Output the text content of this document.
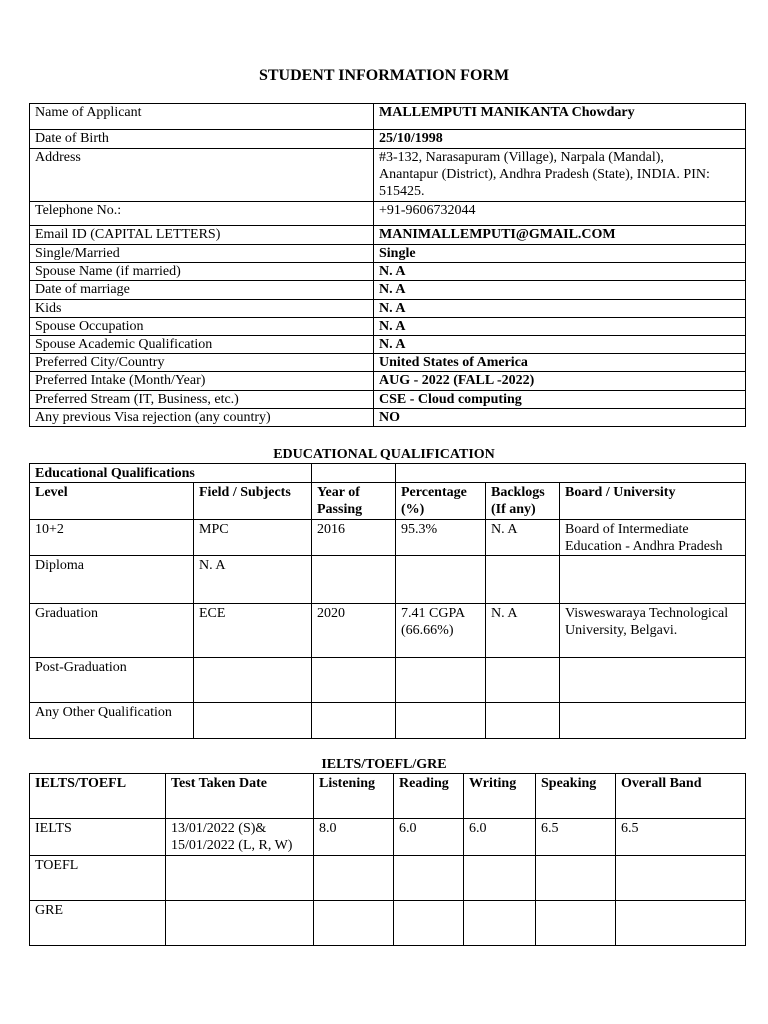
STUDENT INFORMATION FORM
Name of Applicant	MALLEMPUTI MANIKANTA Chowdary
Date of Birth	25/10/1998
Address	#3-132, Narasapuram (Village), Narpala (Mandal), Anantapur (District), Andhra Pradesh (State), INDIA. PIN: 515425.
Telephone No.:	+91-9606732044
Email ID (CAPITAL LETTERS)	MANIMALLEMPUTI@GMAIL.COM
Single/Married	Single
Spouse Name (if married)	N. A
Date of marriage	N. A
Kids	N. A
Spouse Occupation	N. A
Spouse Academic Qualification	N. A
Preferred City/Country	United States of America
Preferred Intake (Month/Year)	AUG - 2022 (FALL -2022)
Preferred Stream (IT, Business, etc.)	CSE - Cloud computing
Any previous Visa rejection (any country)	NO
EDUCATIONAL QUALIFICATION
Educational Qualifications					
Level	Field / Subjects	Year of Passing	Percentage (%)	Backlogs (If any)	Board / University
10+2	MPC	2016	95.3%	N. A	Board of Intermediate Education - Andhra Pradesh
Diploma	N. A				
Graduation	ECE	2020	7.41 CGPA (66.66%)	N. A	Visweswaraya Technological University, Belgavi.
Post-Graduation					
Any Other Qualification					
IELTS/TOEFL/GRE
IELTS/TOEFL	Test Taken Date	Listening	Reading	Writing	Speaking	Overall Band
IELTS	13/01/2022 (S)& 15/01/2022 (L, R, W)	8.0	6.0	6.0	6.5	6.5
TOEFL						
GRE						
